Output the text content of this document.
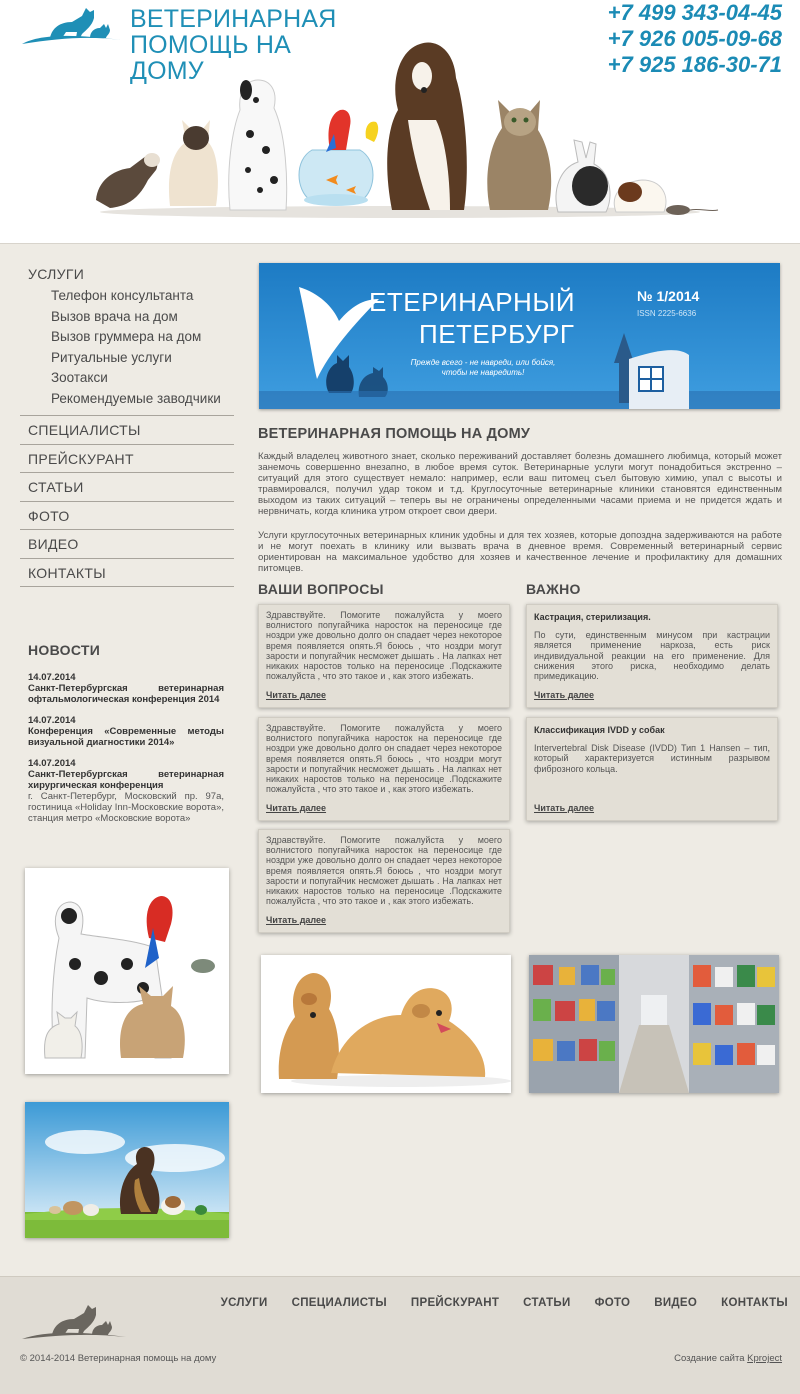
ВЕТЕРИНАРНАЯ
ПОМОЩЬ НА ДОМУ
+7 499 343-04-45
+7 926 005-09-68
+7 925 186-30-71
УСЛУГИ
Телефон консультанта
Вызов врача на дом
Вызов груммера на дом
Ритуальные услуги
Зоотакси
Рекомендуемые заводчики
СПЕЦИАЛИСТЫ
ПРЕЙСКУРАНТ
СТАТЬИ
ФОТО
ВИДЕО
КОНТАКТЫ
НОВОСТИ
14.07.2014
Санкт-Петербургская ветеринарная офтальмологическая конференция 2014
14.07.2014
Конференция «Современные методы визуальной диагностики 2014»
14.07.2014
Санкт-Петербургская ветеринарная хирургическая конференция
г. Санкт-Петербург, Московский пр. 97а, гостиница «Holiday Inn-Московские ворота», станция метро «Московские ворота»
ЕТЕРИНАРНЫЙ
ПЕТЕРБУРГ
№ 1/2014
ISSN 2225-6636
Прежде всего - не навреди, или бойся, чтобы не навредить!
ВЕТЕРИНАРНАЯ ПОМОЩЬ НА ДОМУ
Каждый владелец животного знает, сколько переживаний доставляет болезнь домашнего любимца, который может занемочь совершенно внезапно, в любое время суток. Ветеринарные услуги могут понадобиться экстренно – ситуаций для этого существует немало: например, если ваш питомец съел бытовую химию, упал с высоты и травмировался, получил удар током и т.д. Круглосуточные ветеринарные клиники становятся единственным выходом из таких ситуаций – теперь вы не ограничены определенными часами приема и не придется ждать и нервничать, когда клиника утром откроет свои двери.
Услуги круглосуточных ветеринарных клиник удобны и для тех хозяев, которые допоздна задерживаются на работе и не могут поехать в клинику или вызвать врача в дневное время. Современный ветеринарный сервис ориентирован на максимальное удобство для хозяев и качественное лечение и профилактику для домашних питомцев.
ВАШИ ВОПРОСЫ
Здравствуйте. Помогите пожалуйста у моего волнистого попугайчика наросток на переносице где ноздри уже довольно долго он спадает через некоторое время появляется опять.Я боюсь , что ноздри могут зарости и попугайчик несможет дышать . На лапках нет никаких наростов только на переносице .Подскажите пожалуйста , что это такое и , как этого избежать.
Читать далее
Здравствуйте. Помогите пожалуйста у моего волнистого попугайчика наросток на переносице где ноздри уже довольно долго он спадает через некоторое время появляется опять.Я боюсь , что ноздри могут зарости и попугайчик несможет дышать . На лапках нет никаких наростов только на переносице .Подскажите пожалуйста , что это такое и , как этого избежать.
Читать далее
Здравствуйте. Помогите пожалуйста у моего волнистого попугайчика наросток на переносице где ноздри уже довольно долго он спадает через некоторое время появляется опять.Я боюсь , что ноздри могут зарости и попугайчик несможет дышать . На лапках нет никаких наростов только на переносице .Подскажите пожалуйста , что это такое и , как этого избежать.
Читать далее
ВАЖНО
Кастрация, стерилизация.
По сути, единственным минусом при кастрации является применение наркоза, есть риск индивидуальной реакции на его применение. Для снижения этого риска, необходимо делать примедикацию.
Читать далее
Классификация IVDD у собак
Intervertebral Disk Disease (IVDD) Тип 1 Hansen – тип, который характеризуется истинным разрывом фиброзного кольца.
Читать далее
УСЛУГИ СПЕЦИАЛИСТЫ ПРЕЙСКУРАНТ СТАТЬИ ФОТО ВИДЕО КОНТАКТЫ
© 2014-2014 Ветеринарная помощь на дому	Создание сайта Kproject
